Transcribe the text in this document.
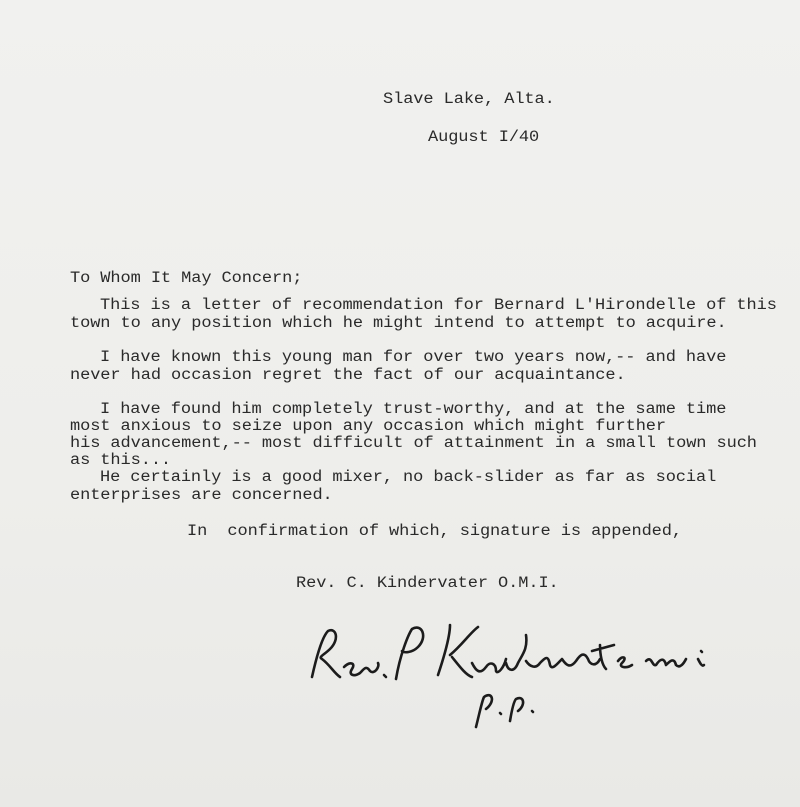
Slave Lake, Alta.
August I/40
To Whom It May Concern;
This is a letter of recommendation for Bernard L'Hirondelle of this
town to any position which he might intend to attempt to acquire.
I have known this young man for over two years now,-- and have
never had occasion regret the fact of our acquaintance.
I have found him completely trust-worthy, and at the same time
most anxious to seize upon any occasion which might further
his advancement,-- most difficult of attainment in a small town such
as this...
He certainly is a good mixer, no back-slider as far as social
enterprises are concerned.
In  confirmation of which, signature is appended,
Rev. C. Kindervater O.M.I.
